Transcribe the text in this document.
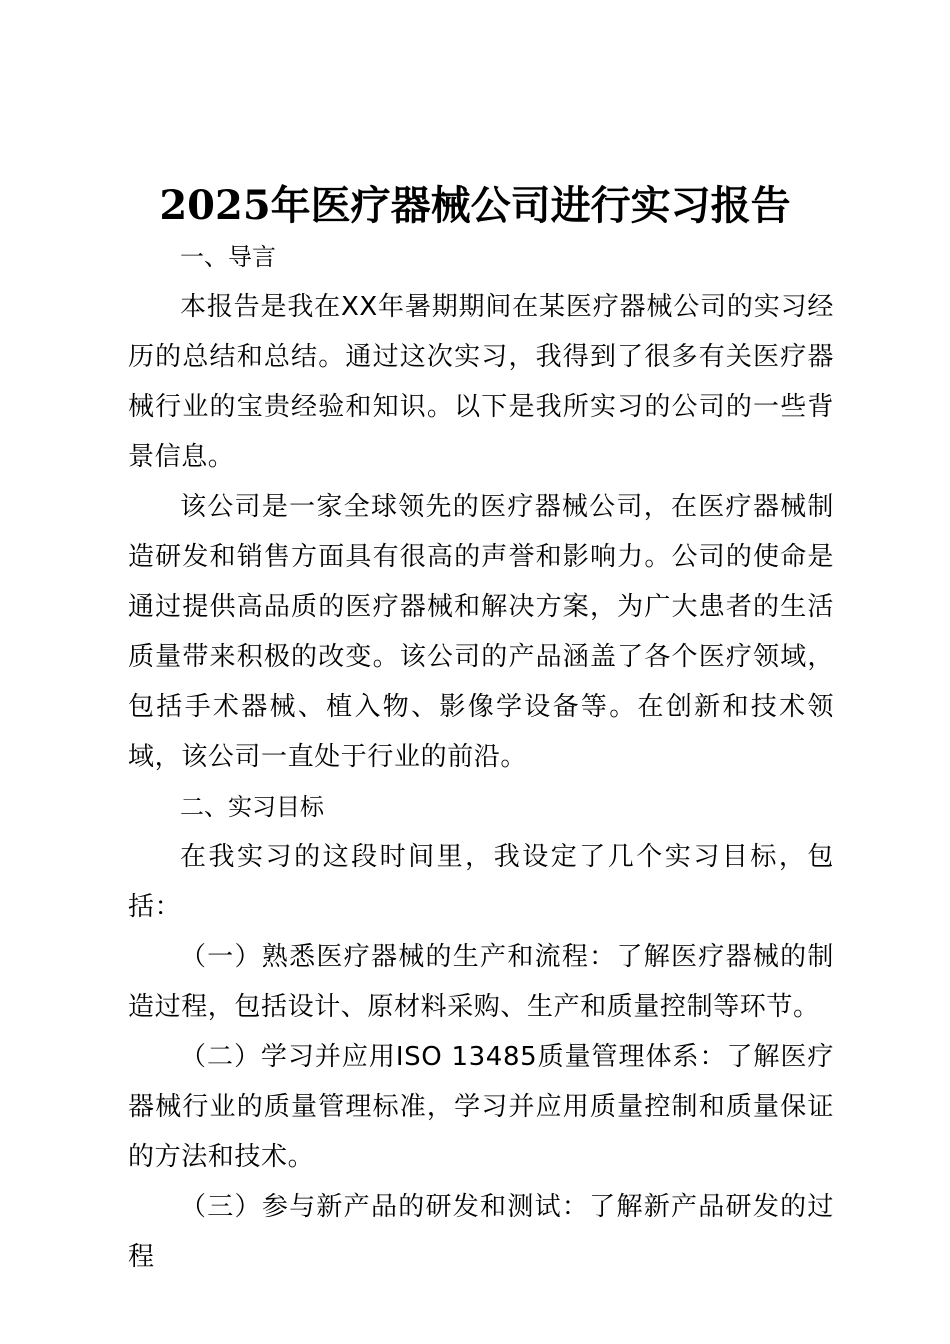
2025年医疗器械公司进行实习报告

一、导言

本报告是我在XX年暑期期间在某医疗器械公司的实习经历的总结和总结。通过这次实习，我得到了很多有关医疗器械行业的宝贵经验和知识。以下是我所实习的公司的一些背景信息。

该公司是一家全球领先的医疗器械公司，在医疗器械制造研发和销售方面具有很高的声誉和影响力。公司的使命是通过提供高品质的医疗器械和解决方案，为广大患者的生活质量带来积极的改变。该公司的产品涵盖了各个医疗领域，包括手术器械、植入物、影像学设备等。在创新和技术领域，该公司一直处于行业的前沿。

二、实习目标

在我实习的这段时间里，我设定了几个实习目标，包括：

（一）熟悉医疗器械的生产和流程：了解医疗器械的制造过程，包括设计、原材料采购、生产和质量控制等环节。

（二）学习并应用ISO 13485质量管理体系：了解医疗器械行业的质量管理标准，学习并应用质量控制和质量保证的方法和技术。

（三）参与新产品的研发和测试：了解新产品研发的过程
